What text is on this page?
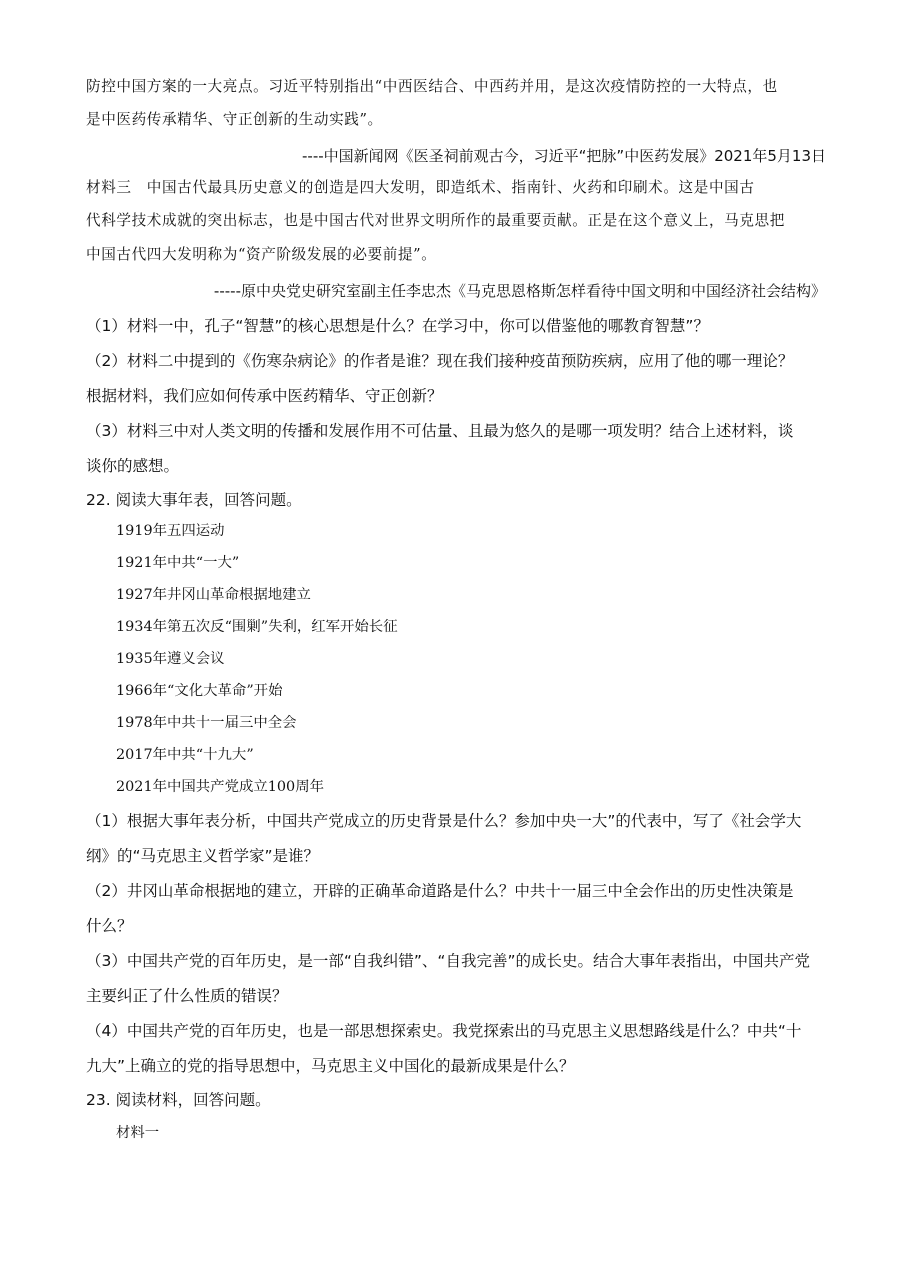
防控中国方案的一大亮点。习近平特别指出“中西医结合、中西药并用，是这次疫情防控的一大特点，也
是中医药传承精华、守正创新的生动实践”。
----中国新闻网《医圣祠前观古今，习近平“把脉”中医药发展》2021年5月13日
材料三　中国古代最具历史意义的创造是四大发明，即造纸术、指南针、火药和印刷术。这是中国古
代科学技术成就的突出标志，也是中国古代对世界文明所作的最重要贡献。正是在这个意义上，马克思把
中国古代四大发明称为“资产阶级发展的必要前提”。
-----原中央党史研究室副主任李忠杰《马克思恩格斯怎样看待中国文明和中国经济社会结构》
（1）材料一中，孔子“智慧”的核心思想是什么？在学习中，你可以借鉴他的哪教育智慧”？
（2）材料二中提到的《伤寒杂病论》的作者是谁？现在我们接种疫苗预防疾病，应用了他的哪一理论？
根据材料，我们应如何传承中医药精华、守正创新？
（3）材料三中对人类文明的传播和发展作用不可估量、且最为悠久的是哪一项发明？结合上述材料，谈
谈你的感想。
22. 阅读大事年表，回答问题。
1919年五四运动
1921年中共“一大”
1927年井冈山革命根据地建立
1934年第五次反“围剿”失利，红军开始长征
1935年遵义会议
1966年“文化大革命”开始
1978年中共十一届三中全会
2017年中共“十九大”
2021年中国共产党成立100周年
（1）根据大事年表分析，中国共产党成立的历史背景是什么？参加中央一大”的代表中，写了《社会学大
纲》的“马克思主义哲学家”是谁？
（2）井冈山革命根据地的建立，开辟的正确革命道路是什么？中共十一届三中全会作出的历史性决策是
什么？
（3）中国共产党的百年历史，是一部“自我纠错”、“自我完善”的成长史。结合大事年表指出，中国共产党
主要纠正了什么性质的错误？
（4）中国共产党的百年历史，也是一部思想探索史。我党探索出的马克思主义思想路线是什么？中共“十
九大”上确立的党的指导思想中，马克思主义中国化的最新成果是什么？
23. 阅读材料，回答问题。
材料一
